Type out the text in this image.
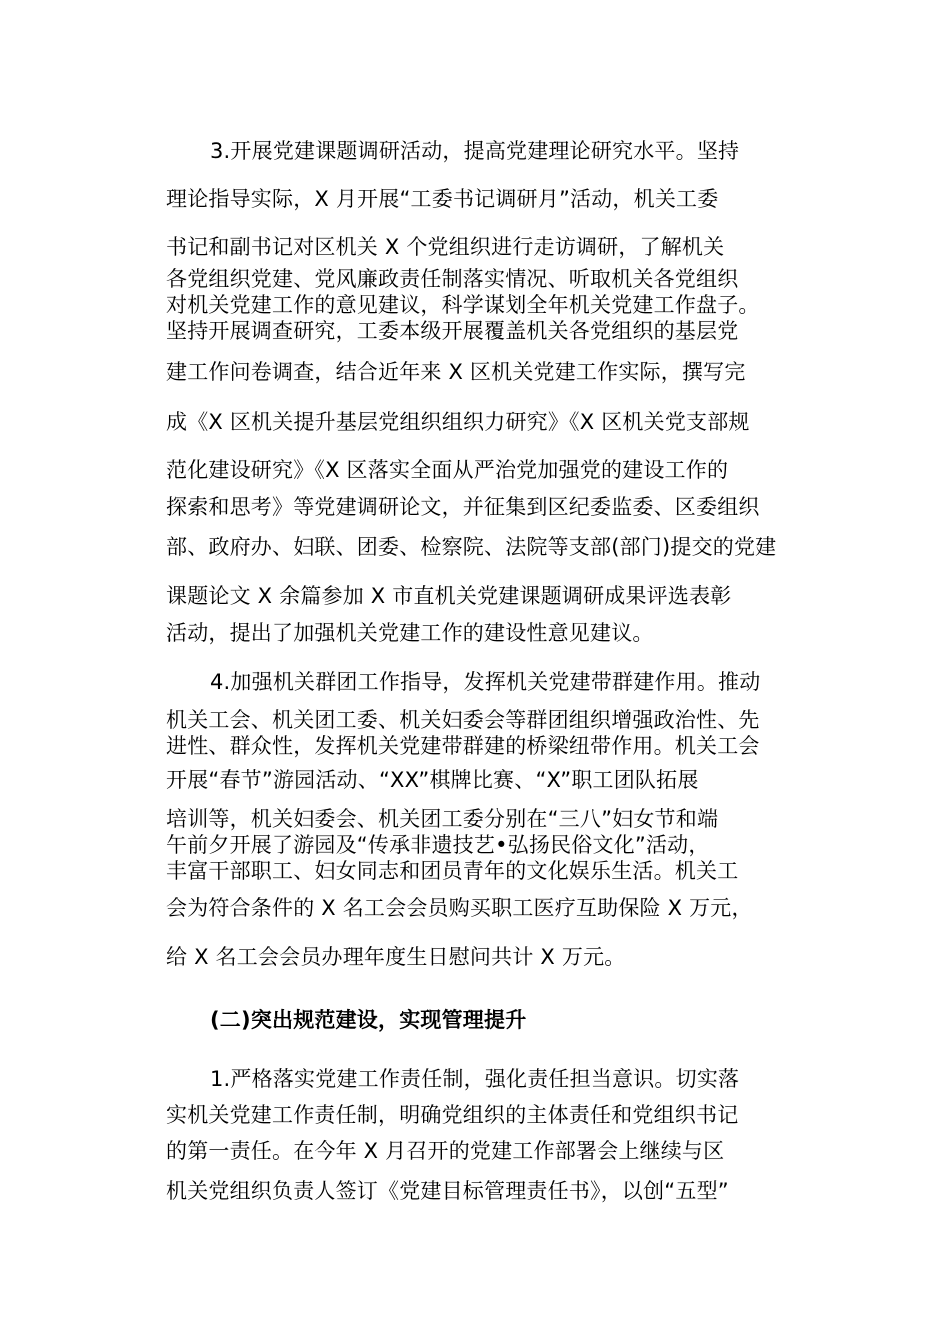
3.开展党建课题调研活动，提高党建理论研究水平。坚持
理论指导实际，X 月开展“工委书记调研月”活动，机关工委
书记和副书记对区机关 X 个党组织进行走访调研，了解机关
各党组织党建、党风廉政责任制落实情况、听取机关各党组织
对机关党建工作的意见建议，科学谋划全年机关党建工作盘子。
坚持开展调查研究，工委本级开展覆盖机关各党组织的基层党
建工作问卷调查，结合近年来 X 区机关党建工作实际，撰写完
成《X 区机关提升基层党组织组织力研究》《X 区机关党支部规
范化建设研究》《X 区落实全面从严治党加强党的建设工作的
探索和思考》等党建调研论文，并征集到区纪委监委、区委组织
部、政府办、妇联、团委、检察院、法院等支部(部门)提交的党建
课题论文 X 余篇参加 X 市直机关党建课题调研成果评选表彰
活动，提出了加强机关党建工作的建设性意见建议。
4.加强机关群团工作指导，发挥机关党建带群建作用。推动
机关工会、机关团工委、机关妇委会等群团组织增强政治性、先
进性、群众性，发挥机关党建带群建的桥梁纽带作用。机关工会
开展“春节”游园活动、“XX”棋牌比赛、“X”职工团队拓展
培训等，机关妇委会、机关团工委分别在“三八”妇女节和端
午前夕开展了游园及“传承非遗技艺•弘扬民俗文化”活动，
丰富干部职工、妇女同志和团员青年的文化娱乐生活。机关工
会为符合条件的 X 名工会会员购买职工医疗互助保险 X 万元，
给 X 名工会会员办理年度生日慰问共计 X 万元。
(二)突出规范建设，实现管理提升
1.严格落实党建工作责任制，强化责任担当意识。切实落
实机关党建工作责任制，明确党组织的主体责任和党组织书记
的第一责任。在今年 X 月召开的党建工作部署会上继续与区
机关党组织负责人签订《党建目标管理责任书》，以创“五型”
